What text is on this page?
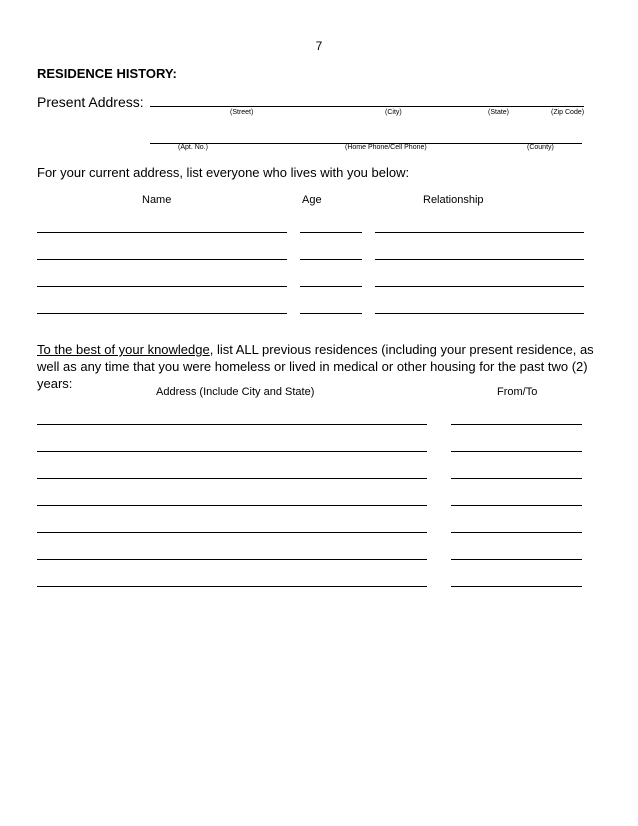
7
RESIDENCE HISTORY:
Present Address:
(Street)	(City)	(State)	(Zip Code)
(Apt. No.)	(Home Phone/Cell Phone)	(County)
For your current address, list everyone who lives with you below:
Name	Age	Relationship
To the best of your knowledge, list ALL previous residences (including your present residence, as well as any time that you were homeless or lived in medical or other housing for the past two (2) years:
Address (Include City and State)	From/To
